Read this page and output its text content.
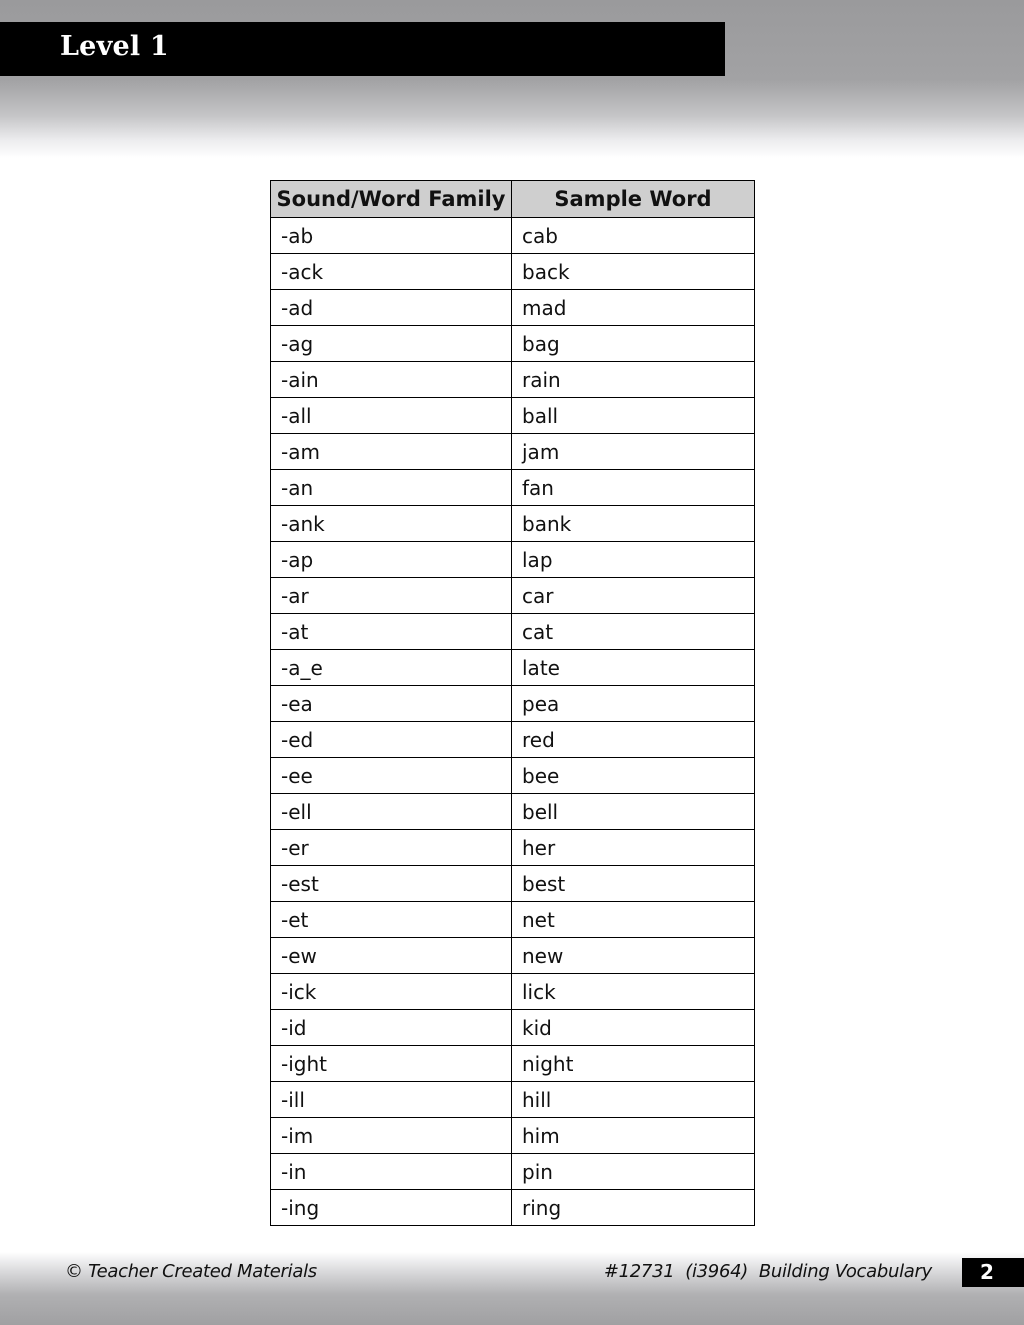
Level 1
Sound/Word Family	Sample Word
-ab	cab
-ack	back
-ad	mad
-ag	bag
-ain	rain
-all	ball
-am	jam
-an	fan
-ank	bank
-ap	lap
-ar	car
-at	cat
-a_e	late
-ea	pea
-ed	red
-ee	bee
-ell	bell
-er	her
-est	best
-et	net
-ew	new
-ick	lick
-id	kid
-ight	night
-ill	hill
-im	him
-in	pin
-ing	ring
© Teacher Created Materials	#12731  (i3964)  Building Vocabulary	2
